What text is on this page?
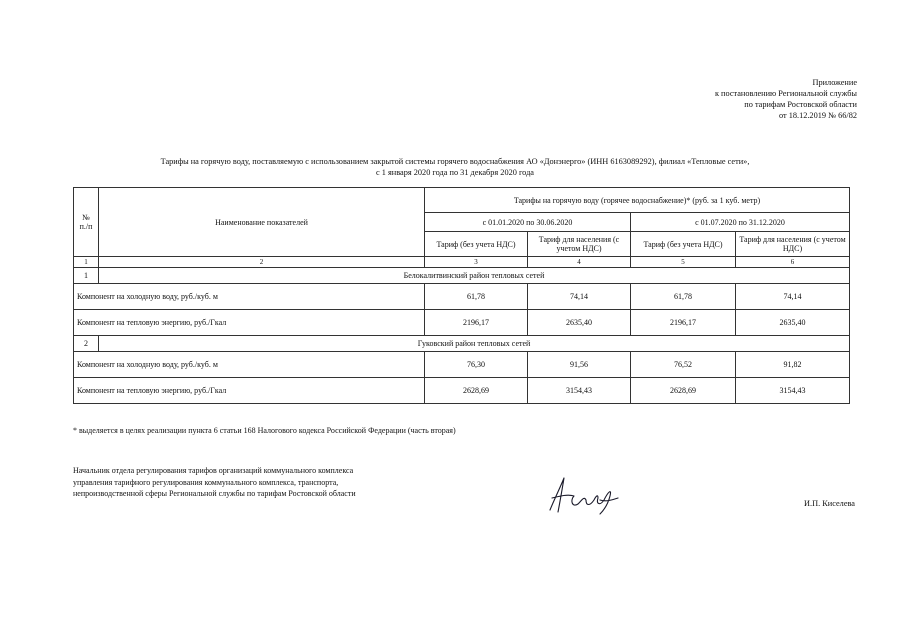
Приложение
к постановлению Региональной службы
по тарифам Ростовской области
от 18.12.2019 № 66/82
Тарифы на горячую воду, поставляемую с использованием закрытой системы горячего водоснабжения АО «Донэнерго» (ИНН 6163089292), филиал «Тепловые сети»,
с 1 января 2020 года по 31 декабря 2020 года
№ п./п	Наименование показателей	Тарифы на горячую воду (горячее водоснабжение)* (руб. за 1 куб. метр)			
		с 01.01.2020 по 30.06.2020		с 01.07.2020 по 31.12.2020	
		Тариф (без учета НДС)	Тариф для населения (с учетом НДС)	Тариф (без учета НДС)	Тариф для населения (с учетом НДС)
1	2	3	4	5	6
1	Белокалитвинский район тепловых сетей				
Компонент на холодную воду, руб./куб. м		61,78	74,14	61,78	74,14
Компонент на тепловую энергию, руб./Гкал		2196,17	2635,40	2196,17	2635,40
2	Гуковский район тепловых сетей				
Компонент на холодную воду, руб./куб. м		76,30	91,56	76,52	91,82
Компонент на тепловую энергию, руб./Гкал		2628,69	3154,43	2628,69	3154,43
* выделяется в целях реализации пункта 6 статьи 168 Налогового кодекса Российской Федерации (часть вторая)
Начальник отдела регулирования тарифов организаций коммунального комплекса
управления тарифного регулирования коммунального комплекса, транспорта,
непроизводственной сферы Региональной службы по тарифам Ростовской области
И.П. Киселева
